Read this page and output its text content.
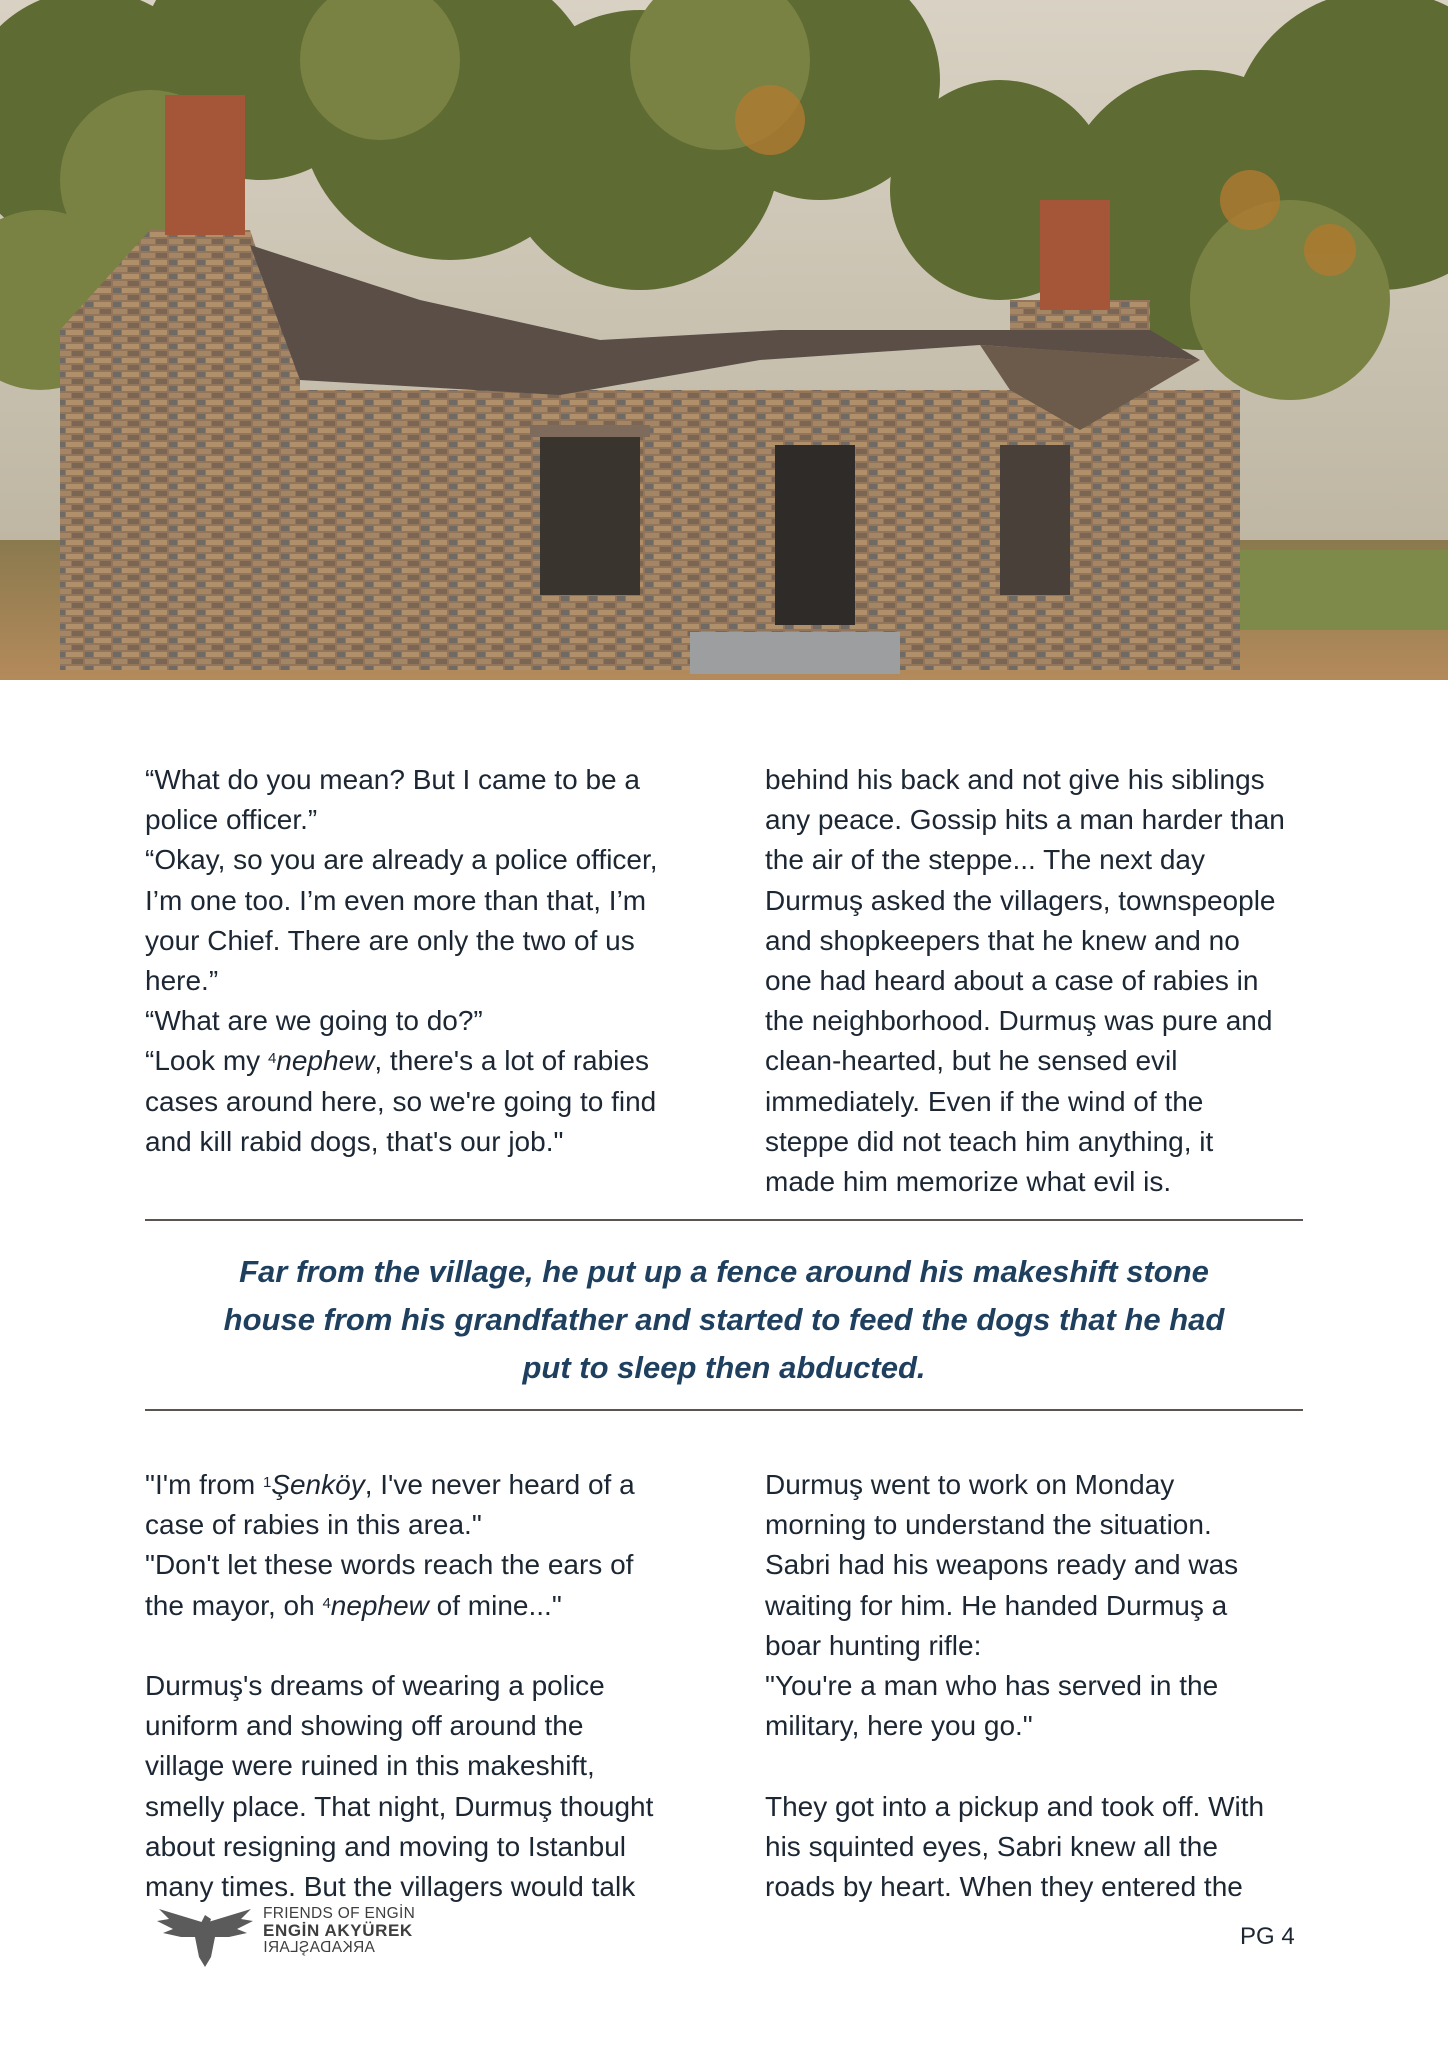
“What do you mean? But I came to be a

police officer.”

“Okay, so you are already a police officer,

I’m one too. I’m even more than that, I’m

your Chief. There are only the two of us

here.”

“What are we going to do?”

“Look my $^4$nephew, there's a lot of rabies

cases around here, so we're going to find

and kill rabid dogs, that's our job."

behind his back and not give his siblings

any peace. Gossip hits a man harder than

the air of the steppe... The next day

Durmuş asked the villagers, townspeople

and shopkeepers that he knew and no

one had heard about a case of rabies in

the neighborhood. Durmuş was pure and

clean-hearted, but he sensed evil

immediately. Even if the wind of the

steppe did not teach him anything, it

made him memorize what evil is.

Far from the village, he put up a fence around his makeshift stone
house from his grandfather and started to feed the dogs that he had
put to sleep then abducted.

"I'm from $^1$Şenköy, I've never heard of a

case of rabies in this area."

"Don't let these words reach the ears of

the mayor, oh $^4$nephew of mine..."

Durmuş's dreams of wearing a police

uniform and showing off around the

village were ruined in this makeshift,

smelly place. That night, Durmuş thought

about resigning and moving to Istanbul

many times. But the villagers would talk

Durmuş went to work on Monday

morning to understand the situation.

Sabri had his weapons ready and was

waiting for him. He handed Durmuş a

boar hunting rifle:

"You're a man who has served in the

military, here you go."

They got into a pickup and took off. With

his squinted eyes, Sabri knew all the

roads by heart. When they entered the

FRIENDS OF ENGİN
ENGİN AKYÜREK
ARKADAŞLARI	PG 4
